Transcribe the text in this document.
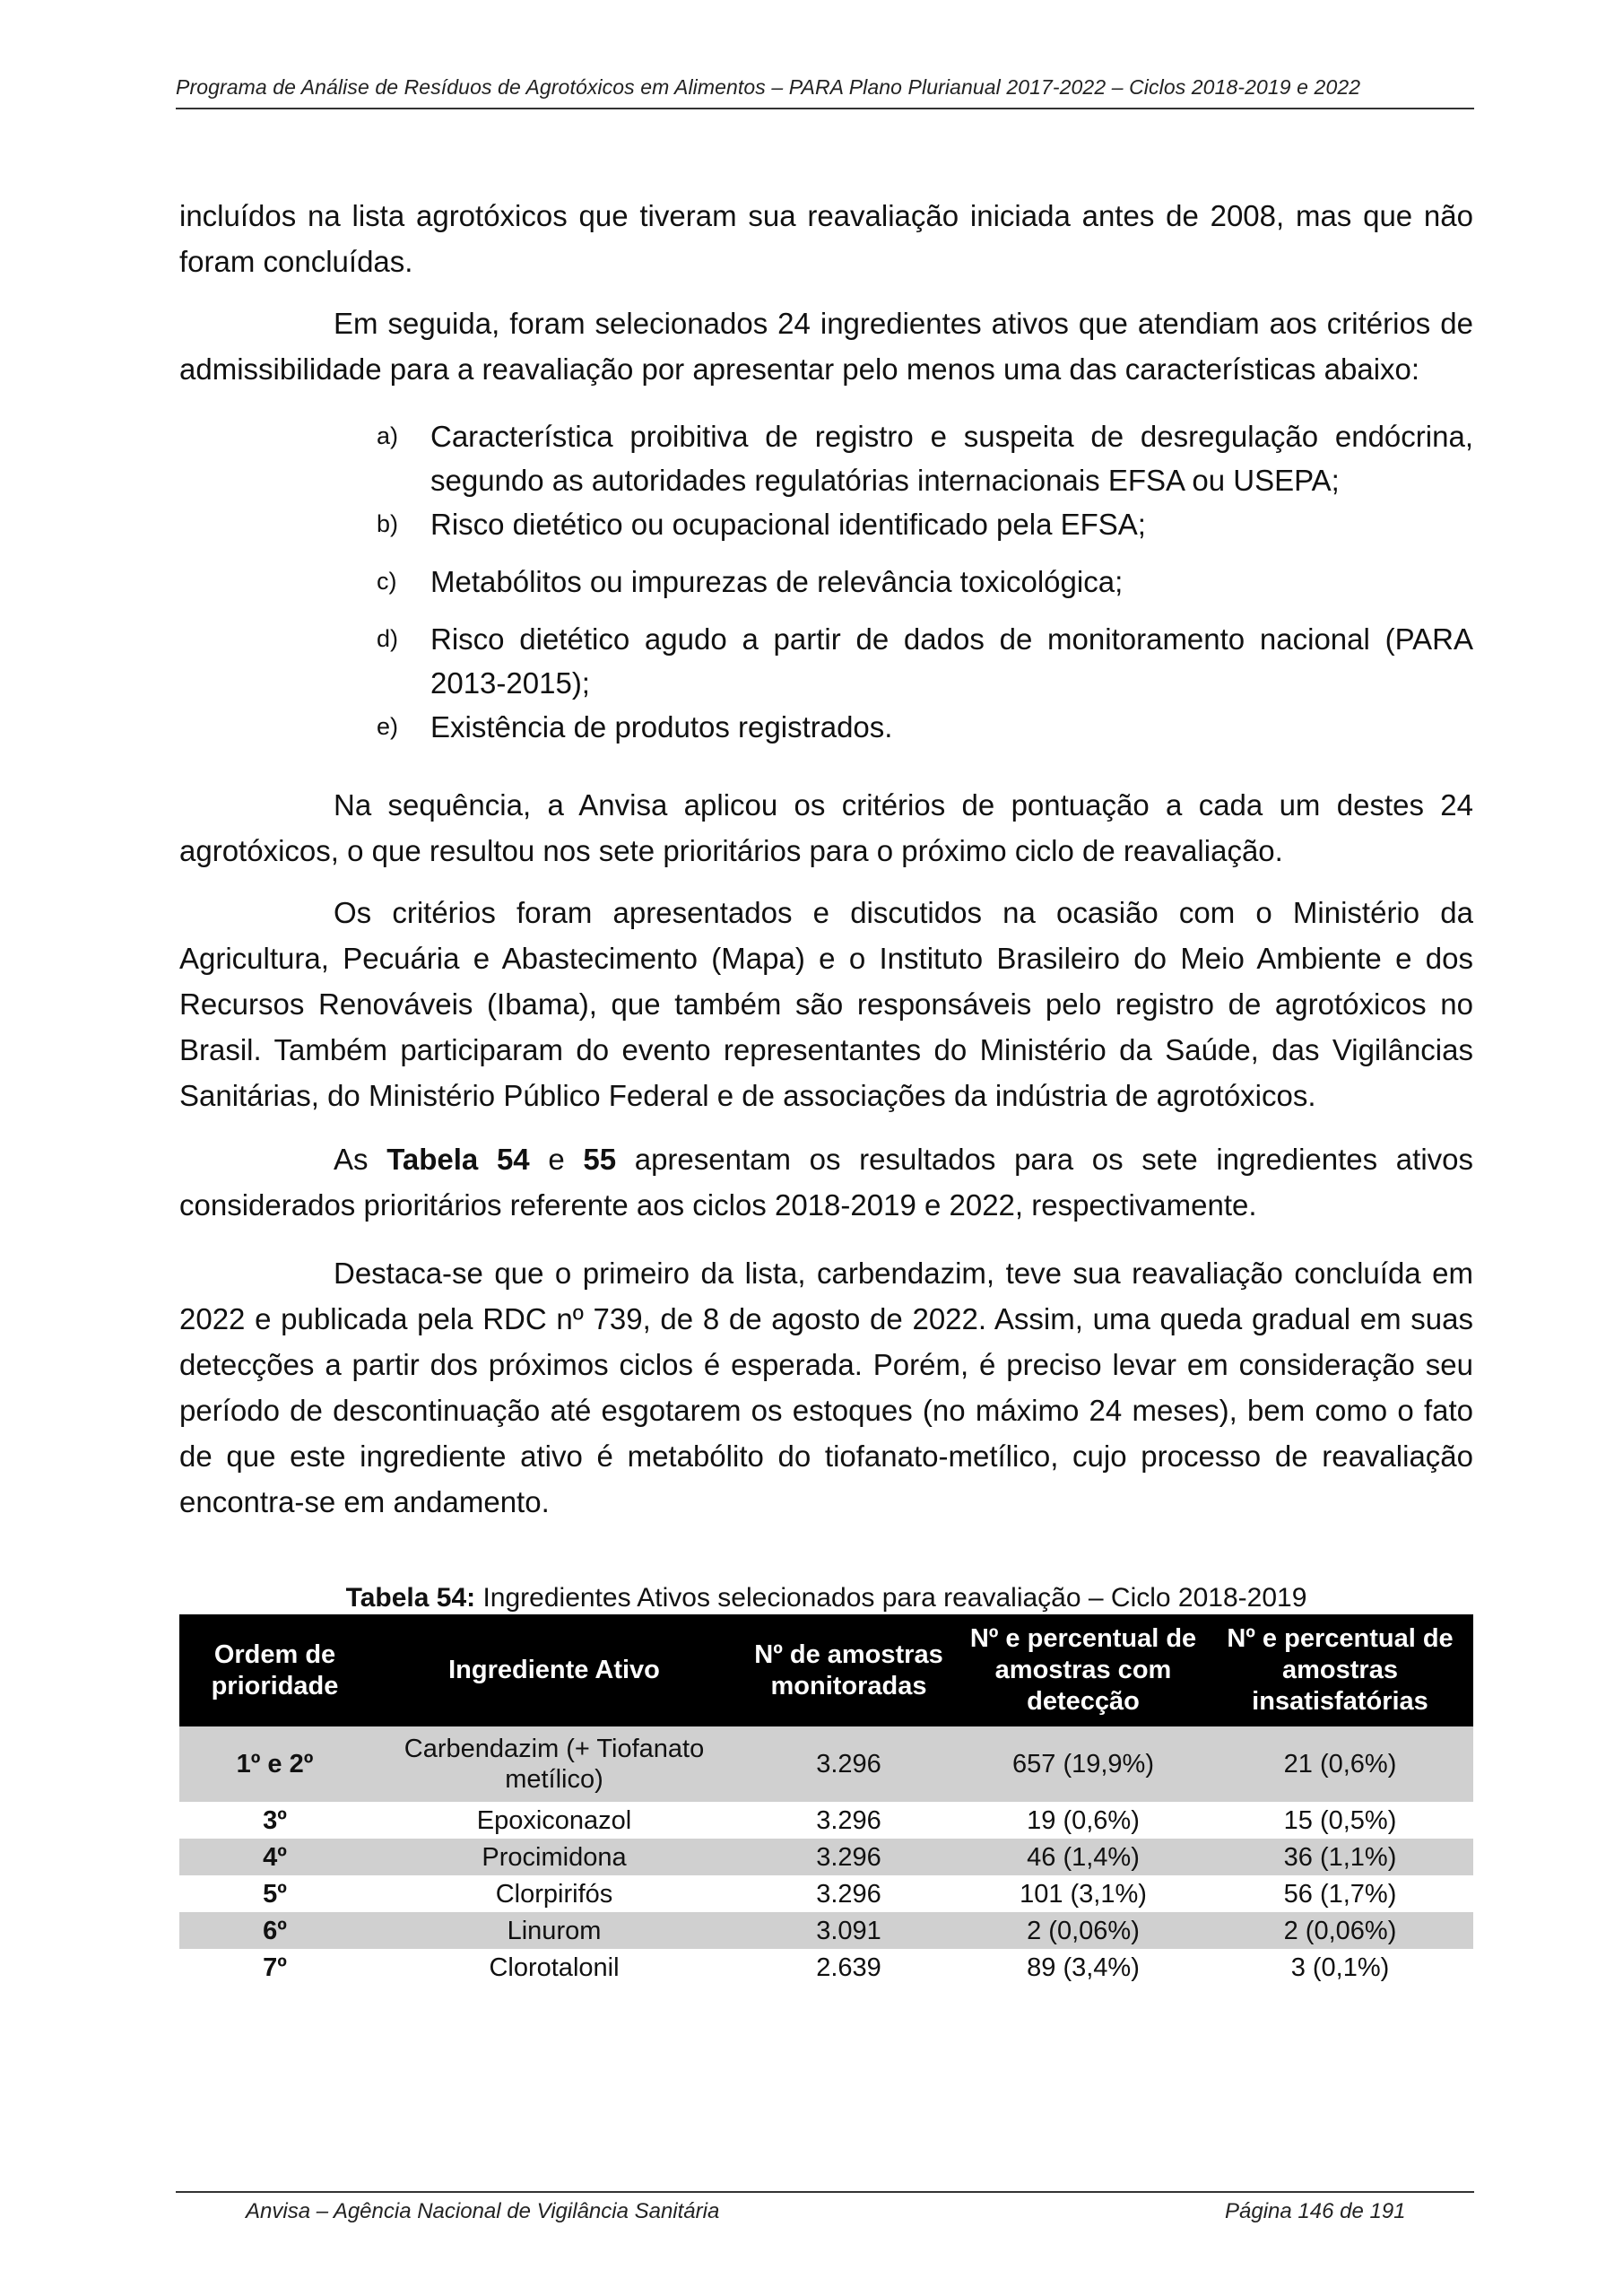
Programa de Análise de Resíduos de Agrotóxicos em Alimentos – PARA Plano Plurianual 2017-2022 – Ciclos 2018-2019 e 2022

incluídos na lista agrotóxicos que tiveram sua reavaliação iniciada antes de 2008, mas que não foram concluídas.

Em seguida, foram selecionados 24 ingredientes ativos que atendiam aos critérios de admissibilidade para a reavaliação por apresentar pelo menos uma das características abaixo:

a) Característica proibitiva de registro e suspeita de desregulação endócrina, segundo as autoridades regulatórias internacionais EFSA ou USEPA;
b) Risco dietético ou ocupacional identificado pela EFSA;
c) Metabólitos ou impurezas de relevância toxicológica;
d) Risco dietético agudo a partir de dados de monitoramento nacional (PARA 2013-2015);
e) Existência de produtos registrados.

Na sequência, a Anvisa aplicou os critérios de pontuação a cada um destes 24 agrotóxicos, o que resultou nos sete prioritários para o próximo ciclo de reavaliação.

Os critérios foram apresentados e discutidos na ocasião com o Ministério da Agricultura, Pecuária e Abastecimento (Mapa) e o Instituto Brasileiro do Meio Ambiente e dos Recursos Renováveis (Ibama), que também são responsáveis pelo registro de agrotóxicos no Brasil. Também participaram do evento representantes do Ministério da Saúde, das Vigilâncias Sanitárias, do Ministério Público Federal e de associações da indústria de agrotóxicos.

As Tabela 54 e 55 apresentam os resultados para os sete ingredientes ativos considerados prioritários referente aos ciclos 2018-2019 e 2022, respectivamente.

Destaca-se que o primeiro da lista, carbendazim, teve sua reavaliação concluída em 2022 e publicada pela RDC nº 739, de 8 de agosto de 2022. Assim, uma queda gradual em suas detecções a partir dos próximos ciclos é esperada. Porém, é preciso levar em consideração seu período de descontinuação até esgotarem os estoques (no máximo 24 meses), bem como o fato de que este ingrediente ativo é metabólito do tiofanato-metílico, cujo processo de reavaliação encontra-se em andamento.

Tabela 54: Ingredientes Ativos selecionados para reavaliação – Ciclo 2018-2019
Ordem de prioridade	Ingrediente Ativo	Nº de amostras monitoradas	Nº e percentual de amostras com detecção	Nº e percentual de amostras insatisfatórias
1º e 2º	Carbendazim (+ Tiofanato metílico)	3.296	657 (19,9%)	21 (0,6%)
3º	Epoxiconazol	3.296	19 (0,6%)	15 (0,5%)
4º	Procimidona	3.296	46 (1,4%)	36 (1,1%)
5º	Clorpirifós	3.296	101 (3,1%)	56 (1,7%)
6º	Linurom	3.091	2 (0,06%)	2 (0,06%)
7º	Clorotalonil	2.639	89 (3,4%)	3 (0,1%)
Anvisa – Agência Nacional de Vigilância Sanitária	Página 146 de 191
